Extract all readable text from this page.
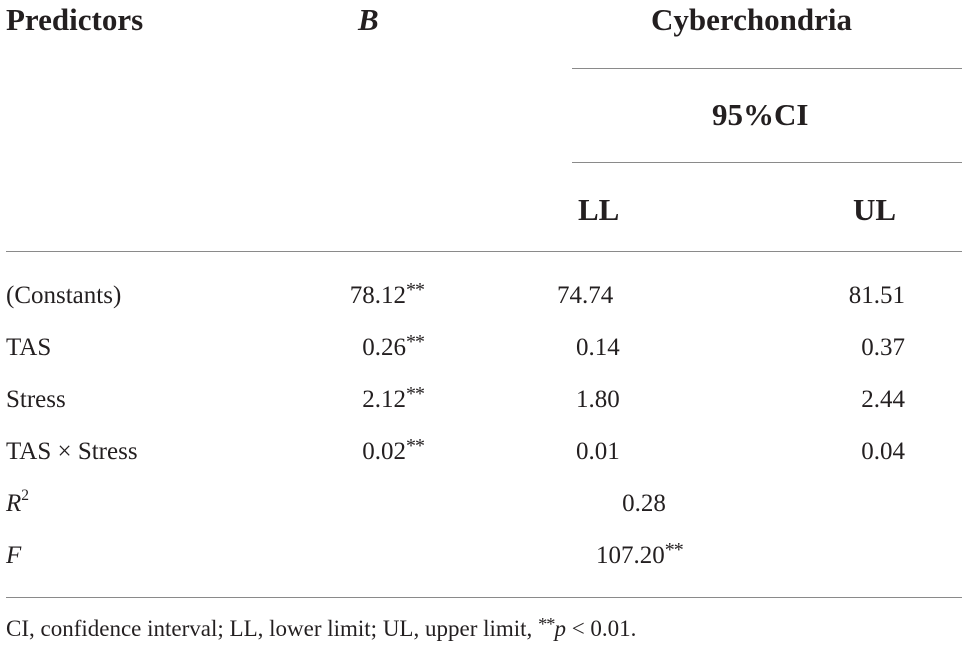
Predictors	B	Cyberchondria
95%CI
LL	UL
(Constants)	78.12**	74.74	81.51
TAS	0.26**	0.14	0.37
Stress	2.12**	1.80	2.44
TAS × Stress	0.02**	0.01	0.04
$R^2$	0.28
F	107.20**
CI, confidence interval; LL, lower limit; UL, upper limit, **p < 0.01.
